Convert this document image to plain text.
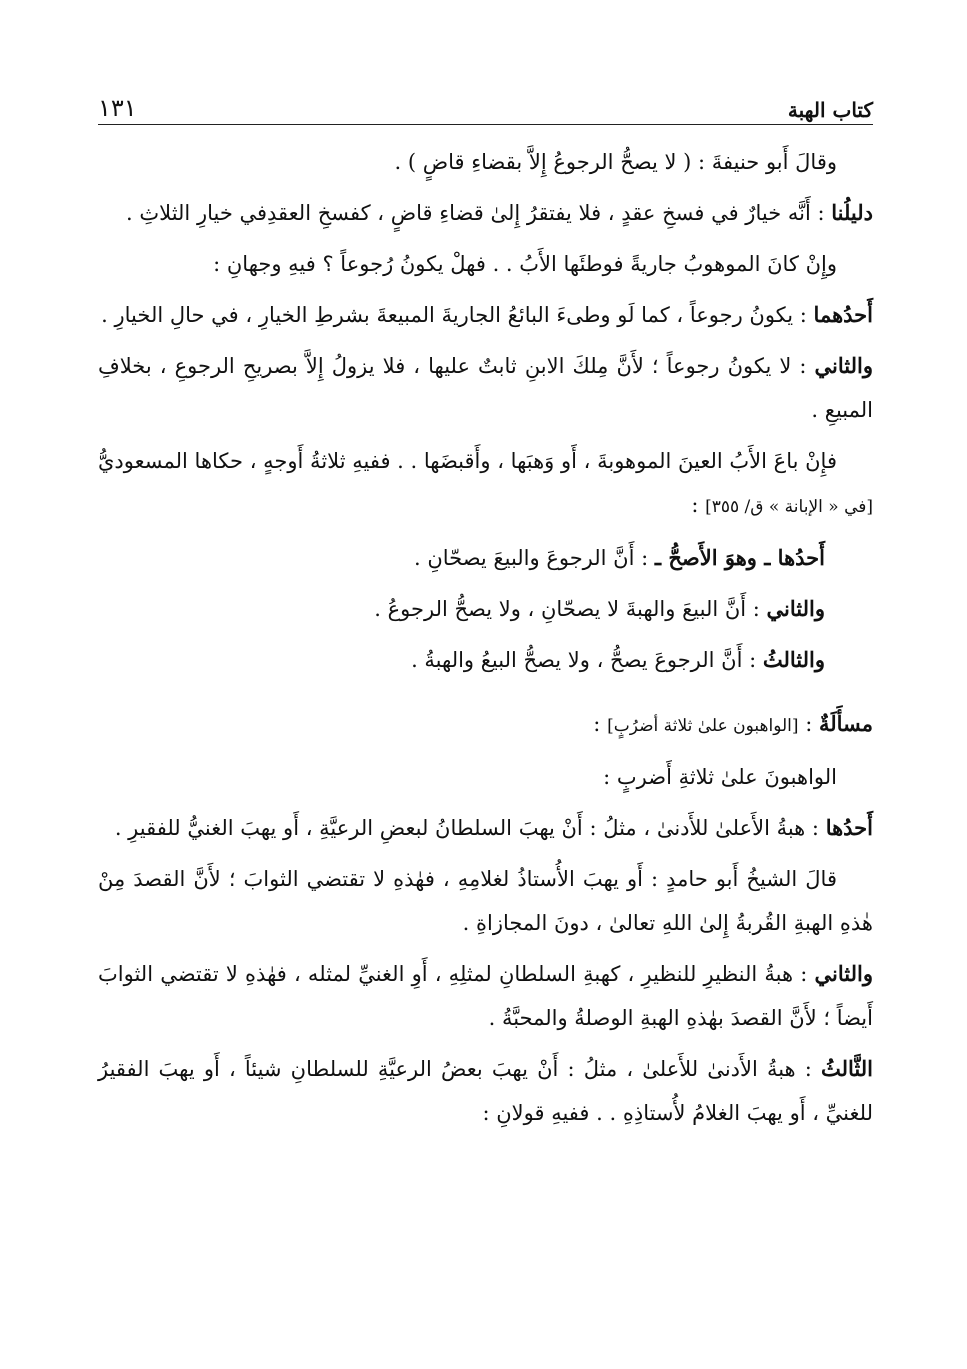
كتاب الهبة
١٣١

وقالَ أَبو حنيفةَ : ( لا يصحُّ الرجوعُ إِلاَّ بقضاءِ قاضٍ ) .

دليلُنا : أَنَّه خيارٌ في فسخِ عقدٍ ، فلا يفتقرُ إِلىٰ قضاءِ قاضٍ ، كفسخِ العقدِفي خيارِ الثلاثِ .

وإِنْ كانَ الموهوبُ جاريةً فوطئَها الأَبُ . . فهلْ يكونُ رُجوعاً ؟ فيهِ وجهانِ :

أَحدُهما : يكونُ رجوعاً ، كما لَو وطىءَ البائعُ الجاريةَ المبيعةَ بشرطِ الخيارِ ، في حالِ الخيارِ .

والثاني : لا يكونُ رجوعاً ؛ لأَنَّ مِلكَ الابنِ ثابتٌ عليها ، فلا يزولُ إِلاَّ بصريحِ الرجوعِ ، بخلافِ المبيعِ .

فإِنْ باعَ الأَبُ العينَ الموهوبةَ ، أَو وَهبَها ، وأَقبضَها . . ففيهِ ثلاثةُ أَوجهٍ ، حكاها المسعوديُّ [في « الإبانة » ق/ ٣٥٥] :

أَحدُها ـ وهوَ الأَصحُّ ـ : أَنَّ الرجوعَ والبيعَ يصحّانِ .

والثاني : أَنَّ البيعَ والهبةَ لا يصحّانِ ، ولا يصحُّ الرجوعُ .

والثالثُ : أَنَّ الرجوعَ يصحُّ ، ولا يصحُّ البيعُ والهبةُ .

مسأَلَةٌ : [الواهبون علىٰ ثلاثة أضرُبٍ] :

الواهبونَ علىٰ ثلاثةِ أَضربٍ :

أَحدُها : هبةُ الأَعلىٰ للأَدنىٰ ، مثلُ : أَنْ يهبَ السلطانُ لبعضِ الرعيَّةِ ، أَو يهبَ الغنيُّ للفقيرِ .

قالَ الشيخُ أَبو حامدٍ : أَو يهبَ الأُستاذُ لغلامِهِ ، فهٰذهِ لا تقتضي الثوابَ ؛ لأَنَّ القصدَ مِنْ هٰذهِ الهبةِ القُربةُ إِلىٰ اللهِ تعالىٰ ، دونَ المجازاةِ .

والثاني : هبةُ النظيرِ للنظيرِ ، كهبةِ السلطانِ لمثلِهِ ، أَوِ الغنيِّ لمثله ، فهٰذهِ لا تقتضي الثوابَ أَيضاً ؛ لأَنَّ القصدَ بهٰذهِ الهبةِ الوصلةُ والمحبَّةُ .

الثَّالثُ : هبةُ الأَدنىٰ للأَعلىٰ ، مثلُ : أَنْ يهبَ بعضُ الرعيَّةِ للسلطانِ شيئاً ، أَو يهبَ الفقيرُ للغنيِّ ، أَو يهبَ الغلامُ لأُستاذِهِ . . ففيهِ قولانِ :
